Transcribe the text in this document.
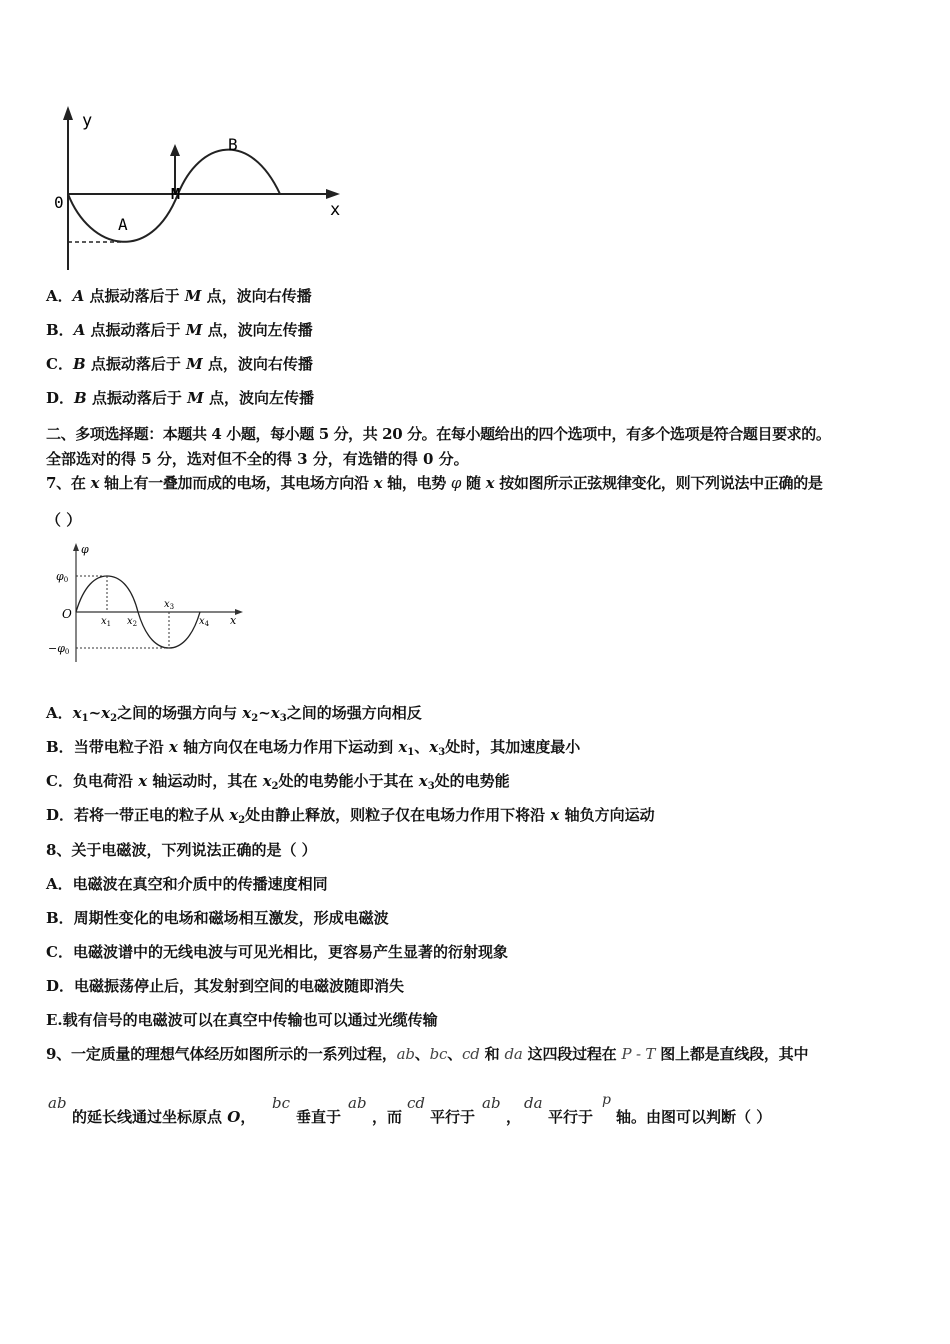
y
x
0
A
B
M
A．A 点振动落后于 M 点，波向右传播
B．A 点振动落后于 M 点，波向左传播
C．B 点振动落后于 M 点，波向右传播
D．B 点振动落后于 M 点，波向左传播
二、多项选择题：本题共 4 小题，每小题 5 分，共 20 分。在每小题给出的四个选项中，有多个选项是符合题目要求的。
全部选对的得 5 分，选对但不全的得 3 分，有选错的得 0 分。
7、在 x 轴上有一叠加而成的电场，其电场方向沿 x 轴，电势 φ 随 x 按如图所示正弦规律变化，则下列说法中正确的是
（ ）
φ
φ0
−φ0
O	x
$x_1$ $x_2$
$x_3$
$x_4$
A．$x_1\sim x_2$之间的场强方向与 $x_2\sim x_3$之间的场强方向相反
B．当带电粒子沿 x 轴方向仅在电场力作用下运动到 $x_1$、$x_3$处时，其加速度最小
C．负电荷沿 x 轴运动时，其在 $x_2$处的电势能小于其在 $x_3$处的电势能
D．若将一带正电的粒子从 $x_2$处由静止释放，则粒子仅在电场力作用下将沿 x 轴负方向运动
8、关于电磁波，下列说法正确的是（ ）
A．电磁波在真空和介质中的传播速度相同
B．周期性变化的电场和磁场相互激发，形成电磁波
C．电磁波谱中的无线电波与可见光相比，更容易产生显著的衍射现象
D．电磁振荡停止后，其发射到空间的电磁波随即消失
E.载有信号的电磁波可以在真空中传输也可以通过光缆传输
9、一定质量的理想气体经历如图所示的一系列过程，ab、bc、cd 和 da 这四段过程在 P - T 图上都是直线段，其中
ab
的延长线通过坐标原点 O，
bc
垂直于
ab
，而
cd
平行于
ab
，
da
平行于
p
轴。由图可以判断（ ）
